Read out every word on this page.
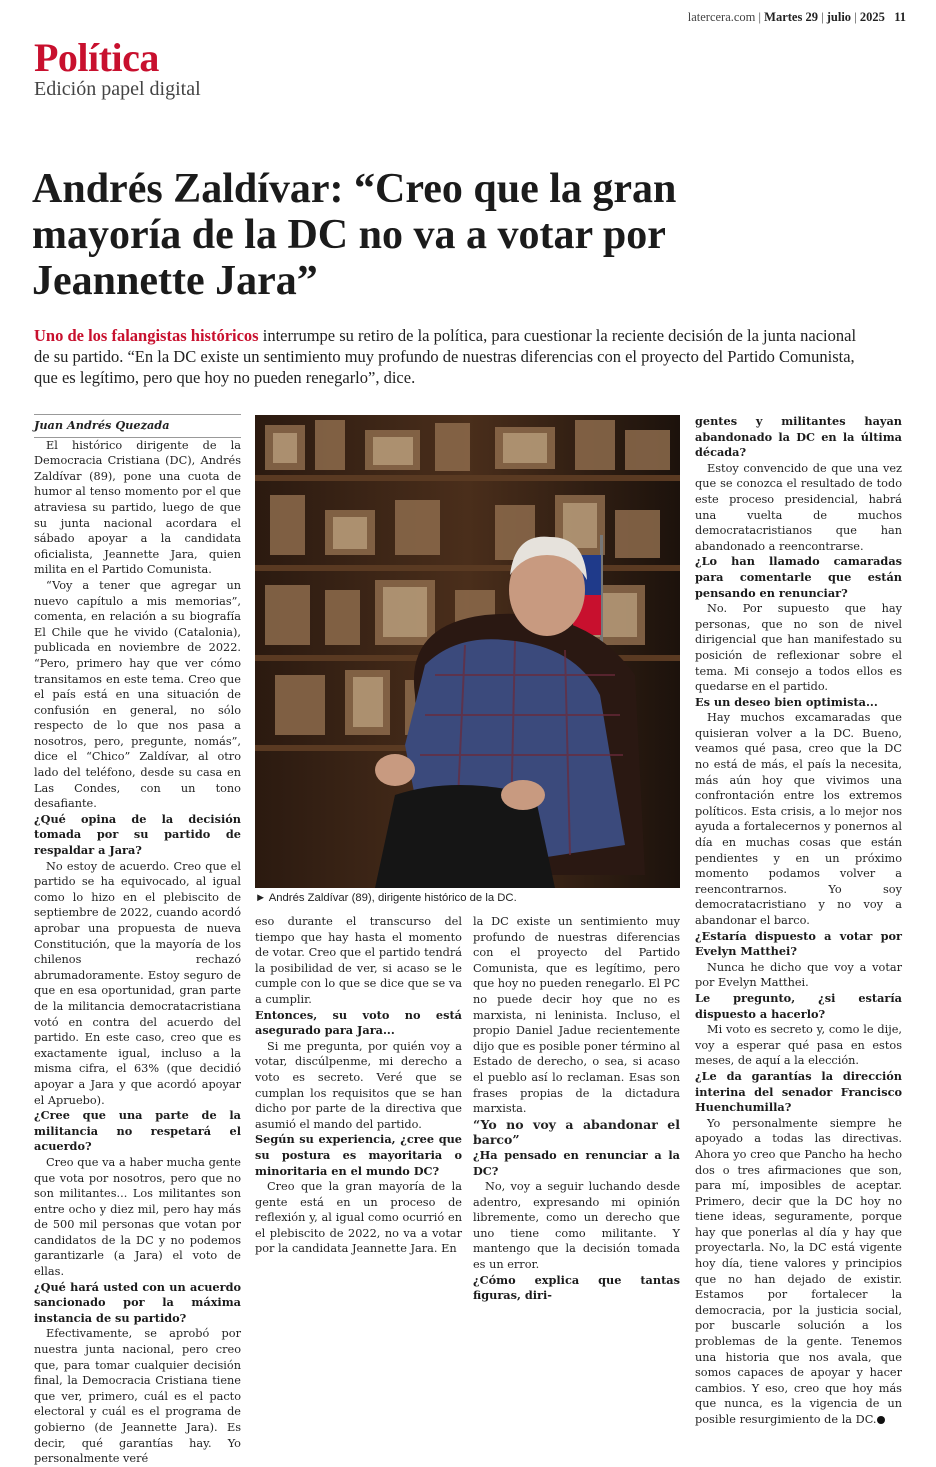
latercera.com | Martes 29 | julio | 2025 11
Política
Edición papel digital
Andrés Zaldívar: “Creo que la gran mayoría de la DC no va a votar por Jeannette Jara”

Uno de los falangistas históricos interrumpe su retiro de la política, para cuestionar la reciente decisión de la junta nacional de su partido. “En la DC existe un sentimiento muy profundo de nuestras diferencias con el proyecto del Partido Comunista, que es legítimo, pero que hoy no pueden renegarlo”, dice.

Juan Andrés Quezada

El histórico dirigente de la Democracia Cristiana (DC), Andrés Zaldívar (89), pone una cuota de humor al tenso momento por el que atraviesa su partido, luego de que su junta nacional acordara el sábado apoyar a la candidata oficialista, Jeannette Jara, quien milita en el Partido Comunista.

“Voy a tener que agregar un nuevo capítulo a mis memorias”, comenta, en relación a su biografía El Chile que he vivido (Catalonia), publicada en noviembre de 2022. “Pero, primero hay que ver cómo transitamos en este tema. Creo que el país está en una situación de confusión en general, no sólo respecto de lo que nos pasa a nosotros, pero, pregunte, nomás”, dice el “Chico” Zaldívar, al otro lado del teléfono, desde su casa en Las Condes, con un tono desafiante.

¿Qué opina de la decisión tomada por su partido de respaldar a Jara?

No estoy de acuerdo. Creo que el partido se ha equivocado, al igual como lo hizo en el plebiscito de septiembre de 2022, cuando acordó aprobar una propuesta de nueva Constitución, que la mayoría de los chilenos rechazó abrumadoramente. Estoy seguro de que en esa oportunidad, gran parte de la militancia democratacristiana votó en contra del acuerdo del partido. En este caso, creo que es exactamente igual, incluso a la misma cifra, el 63% (que decidió apoyar a Jara y que acordó apoyar el Apruebo).

¿Cree que una parte de la militancia no respetará el acuerdo?

Creo que va a haber mucha gente que vota por nosotros, pero que no son militantes... Los militantes son entre ocho y diez mil, pero hay más de 500 mil personas que votan por candidatos de la DC y no podemos garantizarle (a Jara) el voto de ellas.

¿Qué hará usted con un acuerdo sancionado por la máxima instancia de su partido?

Efectivamente, se aprobó por nuestra junta nacional, pero creo que, para tomar cualquier decisión final, la Democracia Cristiana tiene que ver, primero, cuál es el pacto electoral y cuál es el programa de gobierno (de Jeannette Jara). Es decir, qué garantías hay. Yo personalmente veré

► Andrés Zaldívar (89), dirigente histórico de la DC.

eso durante el transcurso del tiempo que hay hasta el momento de votar. Creo que el partido tendrá la posibilidad de ver, si acaso se le cumple con lo que se dice que se va a cumplir.

Entonces, su voto no está asegurado para Jara...

Si me pregunta, por quién voy a votar, discúlpenme, mi derecho a voto es secreto. Veré que se cumplan los requisitos que se han dicho por parte de la directiva que asumió el mando del partido.

Según su experiencia, ¿cree que su postura es mayoritaria o minoritaria en el mundo DC?

Creo que la gran mayoría de la gente está en un proceso de reflexión y, al igual como ocurrió en el plebiscito de 2022, no va a votar por la candidata Jeannette Jara. En

la DC existe un sentimiento muy profundo de nuestras diferencias con el proyecto del Partido Comunista, que es legítimo, pero que hoy no pueden renegarlo. El PC no puede decir hoy que no es marxista, ni leninista. Incluso, el propio Daniel Jadue recientemente dijo que es posible poner término al Estado de derecho, o sea, si acaso el pueblo así lo reclaman. Esas son frases propias de la dictadura marxista.

“Yo no voy a abandonar el barco”

¿Ha pensado en renunciar a la DC?

No, voy a seguir luchando desde adentro, expresando mi opinión libremente, como un derecho que uno tiene como militante. Y mantengo que la decisión tomada es un error.

¿Cómo explica que tantas figuras, diri-

gentes y militantes hayan abandonado la DC en la última década?

Estoy convencido de que una vez que se conozca el resultado de todo este proceso presidencial, habrá una vuelta de muchos democratacristianos que han abandonado a reencontrarse.

¿Lo han llamado camaradas para comentarle que están pensando en renunciar?

No. Por supuesto que hay personas, que no son de nivel dirigencial que han manifestado su posición de reflexionar sobre el tema. Mi consejo a todos ellos es quedarse en el partido.

Es un deseo bien optimista...

Hay muchos excamaradas que quisieran volver a la DC. Bueno, veamos qué pasa, creo que la DC no está de más, el país la necesita, más aún hoy que vivimos una confrontación entre los extremos políticos. Esta crisis, a lo mejor nos ayuda a fortalecernos y ponernos al día en muchas cosas que están pendientes y en un próximo momento podamos volver a reencontrarnos. Yo soy democratacristiano y no voy a abandonar el barco.

¿Estaría dispuesto a votar por Evelyn Matthei?

Nunca he dicho que voy a votar por Evelyn Matthei.

Le pregunto, ¿si estaría dispuesto a hacerlo?

Mi voto es secreto y, como le dije, voy a esperar qué pasa en estos meses, de aquí a la elección.

¿Le da garantías la dirección interina del senador Francisco Huenchumilla?

Yo personalmente siempre he apoyado a todas las directivas. Ahora yo creo que Pancho ha hecho dos o tres afirmaciones que son, para mí, imposibles de aceptar. Primero, decir que la DC hoy no tiene ideas, seguramente, porque hay que ponerlas al día y hay que proyectarla. No, la DC está vigente hoy día, tiene valores y principios que no han dejado de existir. Estamos por fortalecer la democracia, por la justicia social, por buscarle solución a los problemas de la gente. Tenemos una historia que nos avala, que somos capaces de apoyar y hacer cambios. Y eso, creo que hoy más que nunca, es la vigencia de un posible resurgimiento de la DC.
